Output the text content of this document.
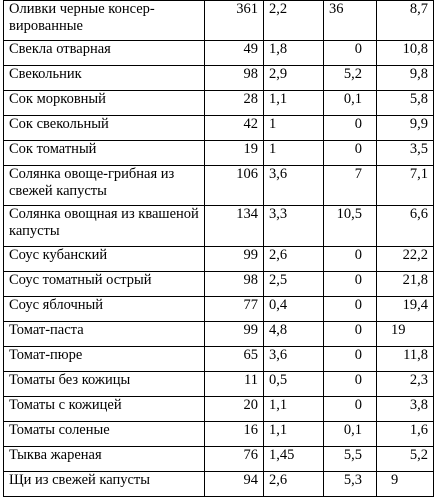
Оливки черные консер-вированные	361	2,2	36	8,7
Свекла отварная	49	1,8	0	10,8
Свекольник	98	2,9	5,2	9,8
Сок морковный	28	1,1	0,1	5,8
Сок свекольный	42	1	0	9,9
Сок томатный	19	1	0	3,5
Солянка овоще-грибная из свежей капусты	106	3,6	7	7,1
Солянка овощная из квашеной капусты	134	3,3	10,5	6,6
Соус кубанский	99	2,6	0	22,2
Соус томатный острый	98	2,5	0	21,8
Соус яблочный	77	0,4	0	19,4
Томат-паста	99	4,8	0	19
Томат-пюре	65	3,6	0	11,8
Томаты без кожицы	11	0,5	0	2,3
Томаты с кожицей	20	1,1	0	3,8
Томаты соленые	16	1,1	0,1	1,6
Тыква жареная	76	1,45	5,5	5,2
Щи из свежей капусты	94	2,6	5,3	9
